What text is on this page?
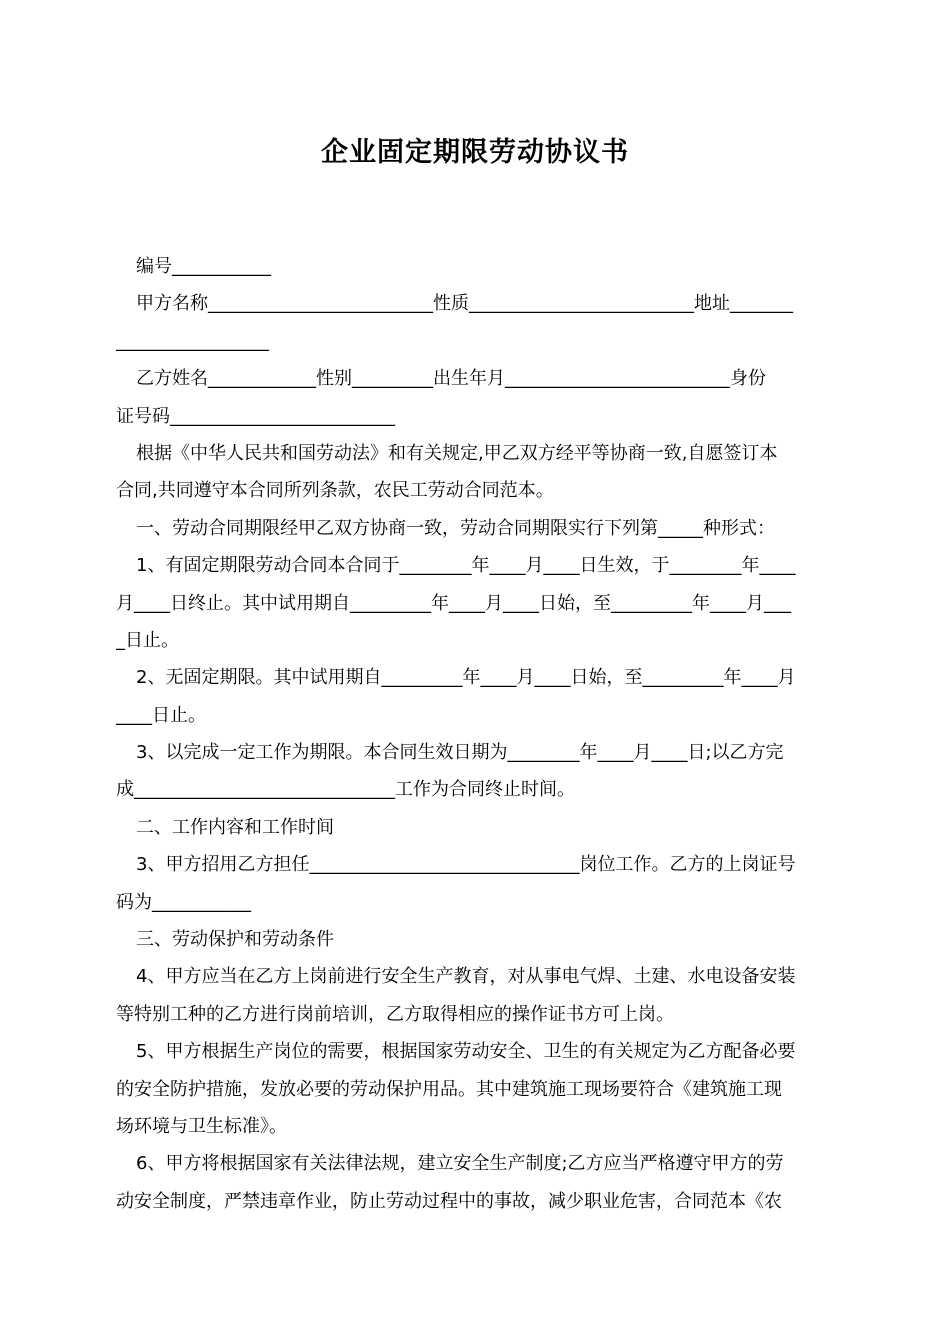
企业固定期限劳动协议书
编号___________
甲方名称_________________________性质_________________________地址_______
_________________
乙方姓名____________性别_________出生年月_________________________身份
证号码_________________________
根据《中华人民共和国劳动法》和有关规定,甲乙双方经平等协商一致,自愿签订本
合同,共同遵守本合同所列条款，农民工劳动合同范本。
一、劳动合同期限经甲乙双方协商一致，劳动合同期限实行下列第_____种形式：
1、有固定期限劳动合同本合同于________年____月____日生效，于________年____
月____日终止。其中试用期自_________年____月____日始，至_________年____月___
_日止。
2、无固定期限。其中试用期自_________年____月____日始，至_________年____月
____日止。
3、以完成一定工作为期限。本合同生效日期为________年____月____日;以乙方完
成_____________________________工作为合同终止时间。
二、工作内容和工作时间
3、甲方招用乙方担任______________________________岗位工作。乙方的上岗证号
码为___________
三、劳动保护和劳动条件
4、甲方应当在乙方上岗前进行安全生产教育，对从事电气焊、土建、水电设备安装
等特别工种的乙方进行岗前培训，乙方取得相应的操作证书方可上岗。
5、甲方根据生产岗位的需要，根据国家劳动安全、卫生的有关规定为乙方配备必要
的安全防护措施，发放必要的劳动保护用品。其中建筑施工现场要符合《建筑施工现
场环境与卫生标准》。
6、甲方将根据国家有关法律法规，建立安全生产制度;乙方应当严格遵守甲方的劳
动安全制度，严禁违章作业，防止劳动过程中的事故，减少职业危害，合同范本《农
